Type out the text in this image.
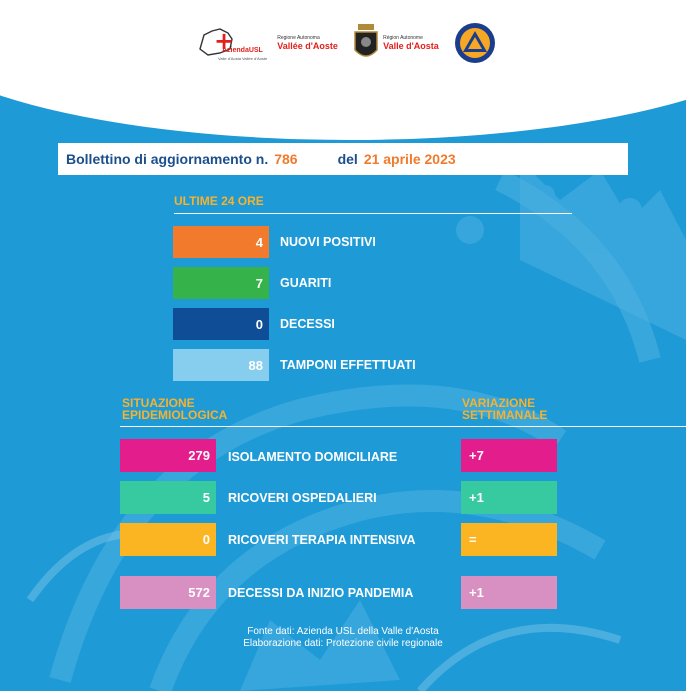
+
AziendaUSL
Valle d'Aosta Vallée d'Aoste
Regione Autonoma
Vallée d'Aoste
Région Autonome
Valle d'Aosta
COVID-19 - SITUAZIONE IN VALLE D'AOSTA
Bollettino di aggiornamento n. 786	del 21 aprile 2023
ULTIME 24 ORE
4	NUOVI POSITIVI
7	GUARITI
0	DECESSI
88	TAMPONI EFFETTUATI
SITUAZIONE
EPIDEMIOLOGICA
VARIAZIONE
SETTIMANALE
279	ISOLAMENTO DOMICILIARE	+7
5	RICOVERI OSPEDALIERI	+1
0	RICOVERI TERAPIA INTENSIVA	=
572	DECESSI DA INIZIO PANDEMIA	+1
Fonte dati: Azienda USL della Valle d'Aosta
Elaborazione dati: Protezione civile regionale
